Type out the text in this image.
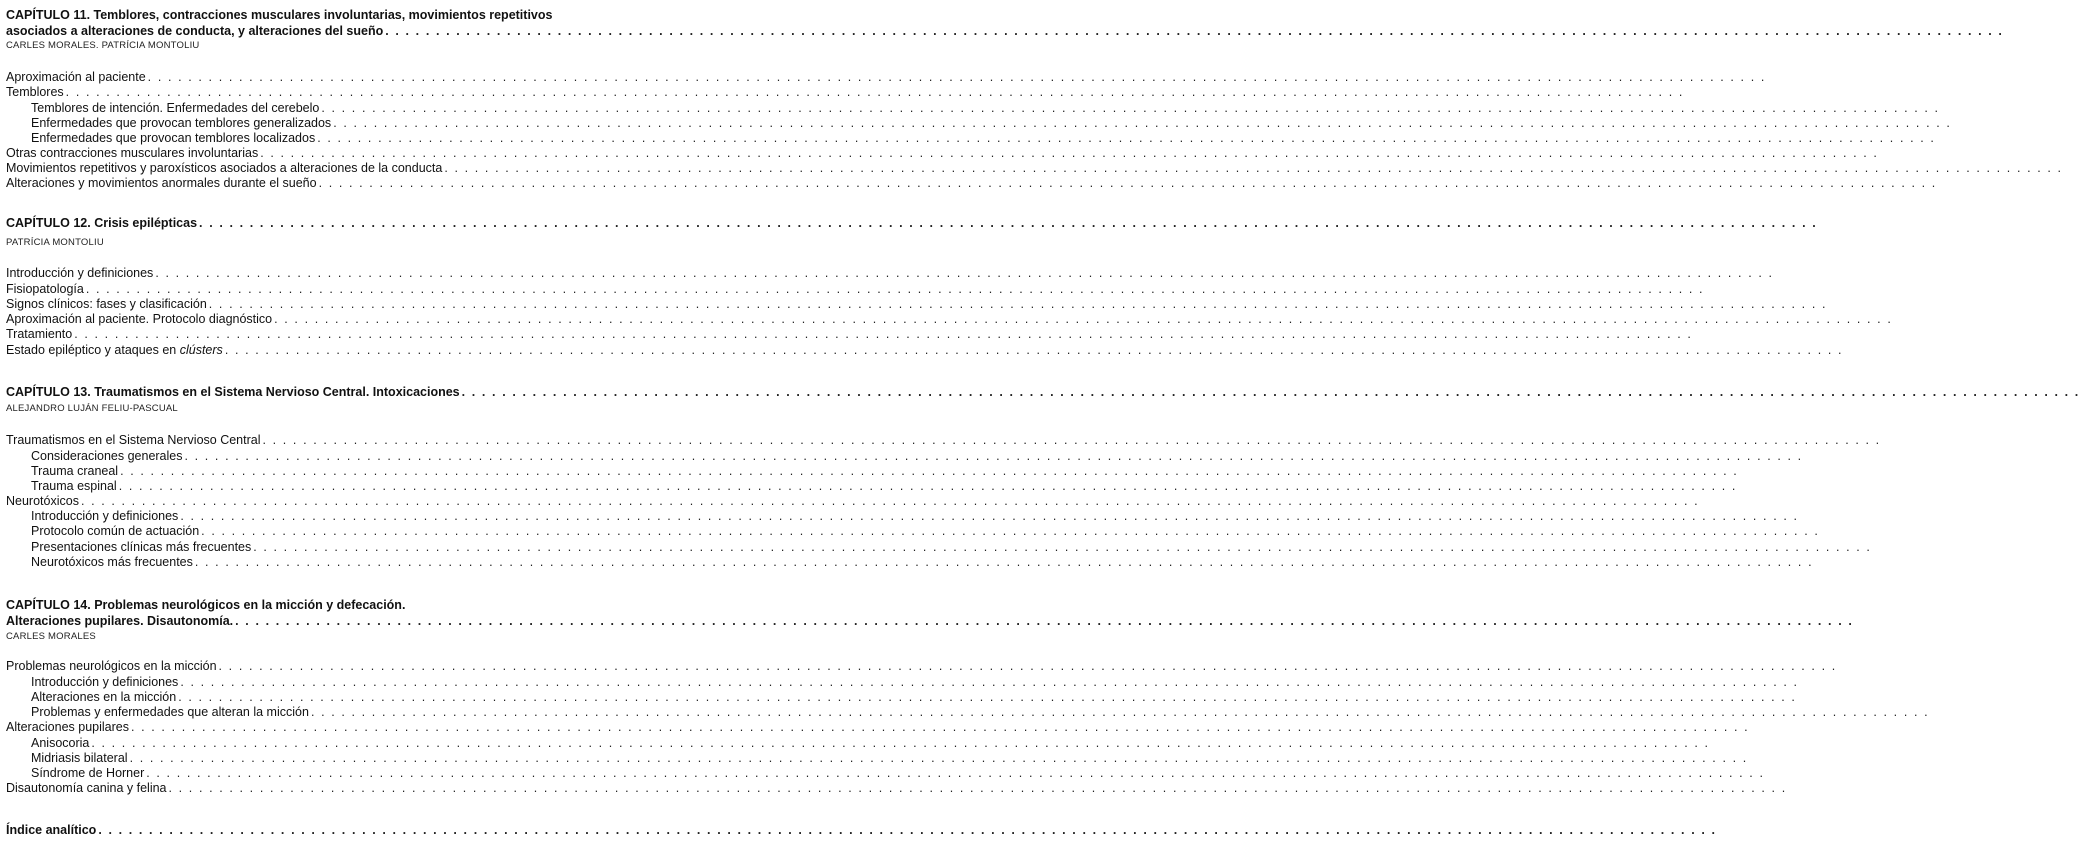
CAPÍTULO 11. Temblores, contracciones musculares involuntarias, movimientos repetitivos
asociados a alteraciones de conducta, y alteraciones del sueño . . . . . . . . . . . . . . . . . . . . . . . . . . . . . . . . . . . . . . . . . . . . . . . . . . . . . . . . . . . . . . . . . . . . . . . . . . . . . . . . . . . . . . . . . . . . . . . . . . . . . . . . . . . . . . . . . . . . . . . . . . . . . . . . . . . . . . . . . . . . . . . . . . . . . . . . . . . . . . . .
CARLES MORALES. PATRÍCIA MONTOLIU
Aproximación al paciente . . . . . . . . . . . . . . . . . . . . . . . . . . . . . . . . . . . . . . . . . . . . . . . . . . . . . . . . . . . . . . . . . . . . . . . . . . . . . . . . . . . . . . . . . . . . . . . . . . . . . . . . . . . . . . . . . . . . . . . . . . . . . . . . . . . . . . . . . . . . . . . . . . . . . . . . . . . . . . . .
Temblores . . . . . . . . . . . . . . . . . . . . . . . . . . . . . . . . . . . . . . . . . . . . . . . . . . . . . . . . . . . . . . . . . . . . . . . . . . . . . . . . . . . . . . . . . . . . . . . . . . . . . . . . . . . . . . . . . . . . . . . . . . . . . . . . . . . . . . . . . . . . . . . . . . . . . . . . . . . . . . . .
Temblores de intención. Enfermedades del cerebelo . . . . . . . . . . . . . . . . . . . . . . . . . . . . . . . . . . . . . . . . . . . . . . . . . . . . . . . . . . . . . . . . . . . . . . . . . . . . . . . . . . . . . . . . . . . . . . . . . . . . . . . . . . . . . . . . . . . . . . . . . . . . . . . . . . . . . . . . . . . . . . . . . . . . . . . . . . . . . . . .
Enfermedades que provocan temblores generalizados . . . . . . . . . . . . . . . . . . . . . . . . . . . . . . . . . . . . . . . . . . . . . . . . . . . . . . . . . . . . . . . . . . . . . . . . . . . . . . . . . . . . . . . . . . . . . . . . . . . . . . . . . . . . . . . . . . . . . . . . . . . . . . . . . . . . . . . . . . . . . . . . . . . . . . . . . . . . . . . .
Enfermedades que provocan temblores localizados . . . . . . . . . . . . . . . . . . . . . . . . . . . . . . . . . . . . . . . . . . . . . . . . . . . . . . . . . . . . . . . . . . . . . . . . . . . . . . . . . . . . . . . . . . . . . . . . . . . . . . . . . . . . . . . . . . . . . . . . . . . . . . . . . . . . . . . . . . . . . . . . . . . . . . . . . . . . . . . .
Otras contracciones musculares involuntarias . . . . . . . . . . . . . . . . . . . . . . . . . . . . . . . . . . . . . . . . . . . . . . . . . . . . . . . . . . . . . . . . . . . . . . . . . . . . . . . . . . . . . . . . . . . . . . . . . . . . . . . . . . . . . . . . . . . . . . . . . . . . . . . . . . . . . . . . . . . . . . . . . . . . . . . . . . . . . . . .
Movimientos repetitivos y paroxísticos asociados a alteraciones de la conducta . . . . . . . . . . . . . . . . . . . . . . . . . . . . . . . . . . . . . . . . . . . . . . . . . . . . . . . . . . . . . . . . . . . . . . . . . . . . . . . . . . . . . . . . . . . . . . . . . . . . . . . . . . . . . . . . . . . . . . . . . . . . . . . . . . . . . . . . . . . . . . . . . . . . . . . . . . . . . . . .
Alteraciones y movimientos anormales durante el sueño . . . . . . . . . . . . . . . . . . . . . . . . . . . . . . . . . . . . . . . . . . . . . . . . . . . . . . . . . . . . . . . . . . . . . . . . . . . . . . . . . . . . . . . . . . . . . . . . . . . . . . . . . . . . . . . . . . . . . . . . . . . . . . . . . . . . . . . . . . . . . . . . . . . . . . . . . . . . . . . .
CAPÍTULO 12. Crisis epilépticas . . . . . . . . . . . . . . . . . . . . . . . . . . . . . . . . . . . . . . . . . . . . . . . . . . . . . . . . . . . . . . . . . . . . . . . . . . . . . . . . . . . . . . . . . . . . . . . . . . . . . . . . . . . . . . . . . . . . . . . . . . . . . . . . . . . . . . . . . . . . . . . . . . . . . . . . . . . . . . . .
PATRÍCIA MONTOLIU
Introducción y definiciones . . . . . . . . . . . . . . . . . . . . . . . . . . . . . . . . . . . . . . . . . . . . . . . . . . . . . . . . . . . . . . . . . . . . . . . . . . . . . . . . . . . . . . . . . . . . . . . . . . . . . . . . . . . . . . . . . . . . . . . . . . . . . . . . . . . . . . . . . . . . . . . . . . . . . . . . . . . . . . . .
Fisiopatología . . . . . . . . . . . . . . . . . . . . . . . . . . . . . . . . . . . . . . . . . . . . . . . . . . . . . . . . . . . . . . . . . . . . . . . . . . . . . . . . . . . . . . . . . . . . . . . . . . . . . . . . . . . . . . . . . . . . . . . . . . . . . . . . . . . . . . . . . . . . . . . . . . . . . . . . . . . . . . . .
Signos clínicos: fases y clasificación . . . . . . . . . . . . . . . . . . . . . . . . . . . . . . . . . . . . . . . . . . . . . . . . . . . . . . . . . . . . . . . . . . . . . . . . . . . . . . . . . . . . . . . . . . . . . . . . . . . . . . . . . . . . . . . . . . . . . . . . . . . . . . . . . . . . . . . . . . . . . . . . . . . . . . . . . . . . . . . .
Aproximación al paciente. Protocolo diagnóstico . . . . . . . . . . . . . . . . . . . . . . . . . . . . . . . . . . . . . . . . . . . . . . . . . . . . . . . . . . . . . . . . . . . . . . . . . . . . . . . . . . . . . . . . . . . . . . . . . . . . . . . . . . . . . . . . . . . . . . . . . . . . . . . . . . . . . . . . . . . . . . . . . . . . . . . . . . . . . . . .
Tratamiento . . . . . . . . . . . . . . . . . . . . . . . . . . . . . . . . . . . . . . . . . . . . . . . . . . . . . . . . . . . . . . . . . . . . . . . . . . . . . . . . . . . . . . . . . . . . . . . . . . . . . . . . . . . . . . . . . . . . . . . . . . . . . . . . . . . . . . . . . . . . . . . . . . . . . . . . . . . . . . . .
Estado epiléptico y ataques en clústers . . . . . . . . . . . . . . . . . . . . . . . . . . . . . . . . . . . . . . . . . . . . . . . . . . . . . . . . . . . . . . . . . . . . . . . . . . . . . . . . . . . . . . . . . . . . . . . . . . . . . . . . . . . . . . . . . . . . . . . . . . . . . . . . . . . . . . . . . . . . . . . . . . . . . . . . . . . . . . . .
CAPÍTULO 13. Traumatismos en el Sistema Nervioso Central. Intoxicaciones . . . . . . . . . . . . . . . . . . . . . . . . . . . . . . . . . . . . . . . . . . . . . . . . . . . . . . . . . . . . . . . . . . . . . . . . . . . . . . . . . . . . . . . . . . . . . . . . . . . . . . . . . . . . . . . . . . . . . . . . . . . . . . . . . . . . . . . . . . . . . . . . . . . . . . . . . . . . . . . .
ALEJANDRO LUJÁN FELIU-PASCUAL
Traumatismos en el Sistema Nervioso Central . . . . . . . . . . . . . . . . . . . . . . . . . . . . . . . . . . . . . . . . . . . . . . . . . . . . . . . . . . . . . . . . . . . . . . . . . . . . . . . . . . . . . . . . . . . . . . . . . . . . . . . . . . . . . . . . . . . . . . . . . . . . . . . . . . . . . . . . . . . . . . . . . . . . . . . . . . . . . . . .
Consideraciones generales . . . . . . . . . . . . . . . . . . . . . . . . . . . . . . . . . . . . . . . . . . . . . . . . . . . . . . . . . . . . . . . . . . . . . . . . . . . . . . . . . . . . . . . . . . . . . . . . . . . . . . . . . . . . . . . . . . . . . . . . . . . . . . . . . . . . . . . . . . . . . . . . . . . . . . . . . . . . . . . .
Trauma craneal . . . . . . . . . . . . . . . . . . . . . . . . . . . . . . . . . . . . . . . . . . . . . . . . . . . . . . . . . . . . . . . . . . . . . . . . . . . . . . . . . . . . . . . . . . . . . . . . . . . . . . . . . . . . . . . . . . . . . . . . . . . . . . . . . . . . . . . . . . . . . . . . . . . . . . . . . . . . . . . .
Trauma espinal . . . . . . . . . . . . . . . . . . . . . . . . . . . . . . . . . . . . . . . . . . . . . . . . . . . . . . . . . . . . . . . . . . . . . . . . . . . . . . . . . . . . . . . . . . . . . . . . . . . . . . . . . . . . . . . . . . . . . . . . . . . . . . . . . . . . . . . . . . . . . . . . . . . . . . . . . . . . . . . .
Neurotóxicos . . . . . . . . . . . . . . . . . . . . . . . . . . . . . . . . . . . . . . . . . . . . . . . . . . . . . . . . . . . . . . . . . . . . . . . . . . . . . . . . . . . . . . . . . . . . . . . . . . . . . . . . . . . . . . . . . . . . . . . . . . . . . . . . . . . . . . . . . . . . . . . . . . . . . . . . . . . . . . . .
Introducción y definiciones . . . . . . . . . . . . . . . . . . . . . . . . . . . . . . . . . . . . . . . . . . . . . . . . . . . . . . . . . . . . . . . . . . . . . . . . . . . . . . . . . . . . . . . . . . . . . . . . . . . . . . . . . . . . . . . . . . . . . . . . . . . . . . . . . . . . . . . . . . . . . . . . . . . . . . . . . . . . . . . .
Protocolo común de actuación . . . . . . . . . . . . . . . . . . . . . . . . . . . . . . . . . . . . . . . . . . . . . . . . . . . . . . . . . . . . . . . . . . . . . . . . . . . . . . . . . . . . . . . . . . . . . . . . . . . . . . . . . . . . . . . . . . . . . . . . . . . . . . . . . . . . . . . . . . . . . . . . . . . . . . . . . . . . . . . .
Presentaciones clínicas más frecuentes . . . . . . . . . . . . . . . . . . . . . . . . . . . . . . . . . . . . . . . . . . . . . . . . . . . . . . . . . . . . . . . . . . . . . . . . . . . . . . . . . . . . . . . . . . . . . . . . . . . . . . . . . . . . . . . . . . . . . . . . . . . . . . . . . . . . . . . . . . . . . . . . . . . . . . . . . . . . . . . .
Neurotóxicos más frecuentes . . . . . . . . . . . . . . . . . . . . . . . . . . . . . . . . . . . . . . . . . . . . . . . . . . . . . . . . . . . . . . . . . . . . . . . . . . . . . . . . . . . . . . . . . . . . . . . . . . . . . . . . . . . . . . . . . . . . . . . . . . . . . . . . . . . . . . . . . . . . . . . . . . . . . . . . . . . . . . . .
CAPÍTULO 14. Problemas neurológicos en la micción y defecación.
Alteraciones pupilares. Disautonomía. . . . . . . . . . . . . . . . . . . . . . . . . . . . . . . . . . . . . . . . . . . . . . . . . . . . . . . . . . . . . . . . . . . . . . . . . . . . . . . . . . . . . . . . . . . . . . . . . . . . . . . . . . . . . . . . . . . . . . . . . . . . . . . . . . . . . . . . . . . . . . . . . . . . . . . . . . . . . . . . .
CARLES MORALES
Problemas neurológicos en la micción . . . . . . . . . . . . . . . . . . . . . . . . . . . . . . . . . . . . . . . . . . . . . . . . . . . . . . . . . . . . . . . . . . . . . . . . . . . . . . . . . . . . . . . . . . . . . . . . . . . . . . . . . . . . . . . . . . . . . . . . . . . . . . . . . . . . . . . . . . . . . . . . . . . . . . . . . . . . . . . .
Introducción y definiciones . . . . . . . . . . . . . . . . . . . . . . . . . . . . . . . . . . . . . . . . . . . . . . . . . . . . . . . . . . . . . . . . . . . . . . . . . . . . . . . . . . . . . . . . . . . . . . . . . . . . . . . . . . . . . . . . . . . . . . . . . . . . . . . . . . . . . . . . . . . . . . . . . . . . . . . . . . . . . . . .
Alteraciones en la micción . . . . . . . . . . . . . . . . . . . . . . . . . . . . . . . . . . . . . . . . . . . . . . . . . . . . . . . . . . . . . . . . . . . . . . . . . . . . . . . . . . . . . . . . . . . . . . . . . . . . . . . . . . . . . . . . . . . . . . . . . . . . . . . . . . . . . . . . . . . . . . . . . . . . . . . . . . . . . . . .
Problemas y enfermedades que alteran la micción . . . . . . . . . . . . . . . . . . . . . . . . . . . . . . . . . . . . . . . . . . . . . . . . . . . . . . . . . . . . . . . . . . . . . . . . . . . . . . . . . . . . . . . . . . . . . . . . . . . . . . . . . . . . . . . . . . . . . . . . . . . . . . . . . . . . . . . . . . . . . . . . . . . . . . . . . . . . . . . .
Alteraciones pupilares . . . . . . . . . . . . . . . . . . . . . . . . . . . . . . . . . . . . . . . . . . . . . . . . . . . . . . . . . . . . . . . . . . . . . . . . . . . . . . . . . . . . . . . . . . . . . . . . . . . . . . . . . . . . . . . . . . . . . . . . . . . . . . . . . . . . . . . . . . . . . . . . . . . . . . . . . . . . . . . .
Anisocoria . . . . . . . . . . . . . . . . . . . . . . . . . . . . . . . . . . . . . . . . . . . . . . . . . . . . . . . . . . . . . . . . . . . . . . . . . . . . . . . . . . . . . . . . . . . . . . . . . . . . . . . . . . . . . . . . . . . . . . . . . . . . . . . . . . . . . . . . . . . . . . . . . . . . . . . . . . . . . . . .
Midriasis bilateral . . . . . . . . . . . . . . . . . . . . . . . . . . . . . . . . . . . . . . . . . . . . . . . . . . . . . . . . . . . . . . . . . . . . . . . . . . . . . . . . . . . . . . . . . . . . . . . . . . . . . . . . . . . . . . . . . . . . . . . . . . . . . . . . . . . . . . . . . . . . . . . . . . . . . . . . . . . . . . . .
Síndrome de Horner . . . . . . . . . . . . . . . . . . . . . . . . . . . . . . . . . . . . . . . . . . . . . . . . . . . . . . . . . . . . . . . . . . . . . . . . . . . . . . . . . . . . . . . . . . . . . . . . . . . . . . . . . . . . . . . . . . . . . . . . . . . . . . . . . . . . . . . . . . . . . . . . . . . . . . . . . . . . . . . .
Disautonomía canina y felina . . . . . . . . . . . . . . . . . . . . . . . . . . . . . . . . . . . . . . . . . . . . . . . . . . . . . . . . . . . . . . . . . . . . . . . . . . . . . . . . . . . . . . . . . . . . . . . . . . . . . . . . . . . . . . . . . . . . . . . . . . . . . . . . . . . . . . . . . . . . . . . . . . . . . . . . . . . . . . . .
Índice analítico . . . . . . . . . . . . . . . . . . . . . . . . . . . . . . . . . . . . . . . . . . . . . . . . . . . . . . . . . . . . . . . . . . . . . . . . . . . . . . . . . . . . . . . . . . . . . . . . . . . . . . . . . . . . . . . . . . . . . . . . . . . . . . . . . . . . . . . . . . . . . . . . . . . . . . . . . . . . . . . .
